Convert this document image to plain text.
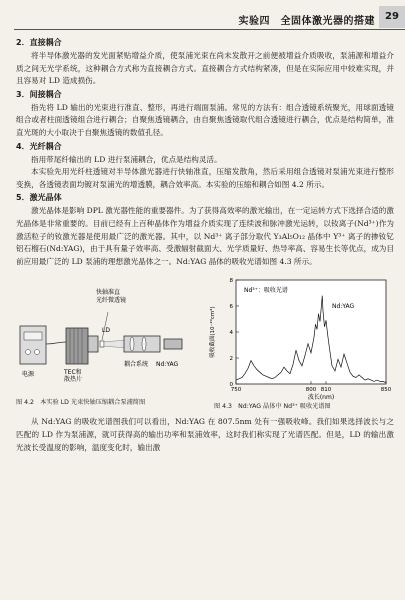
实验四　全固体激光器的搭建	29
2．直接耦合

将半导体激光器的发光面紧贴增益介质，使泵浦光束在尚未发散开之前便被增益介质吸收，泵浦源和增益介质之间无光学系统，这种耦合方式称为直接耦合方式。直接耦合方式结构紧凑，但是在实际应用中较难实现，并且容易对 LD 造成损伤。

3．间接耦合

指先将 LD 输出的光束进行准直、整形，再进行端面泵浦。常见的方法有：组合透镜系统聚光，用球面透镜组合或者柱面透镜组合进行耦合；自聚焦透镜耦合，由自聚焦透镜取代组合透镜进行耦合，优点是结构简单，准直光斑的大小取决于自聚焦透镜的数值孔径。

4．光纤耦合

指用带尾纤输出的 LD 进行泵浦耦合，优点是结构灵活。

本实验先用光纤柱透镜对半导体激光器进行快轴准直，压缩发散角，然后采用组合透镜对泵浦光束进行整形变换，各透镜表面均镀对泵浦光的增透膜，耦合效率高。本实验的压缩和耦合如图 4.2 所示。

5．激光晶体

激光晶体是影响 DPL 激光器性能的重要器件。为了获得高效率的激光输出，在一定运转方式下选择合适的激光晶体是非常重要的。目前已经有上百种晶体作为增益介质实现了连续波和脉冲激光运转，以钕离子(Nd³⁺)作为激活粒子的钕激光器是使用最广泛的激光器。其中，以 Nd³⁺ 离子部分取代 Y₃Al₅O₁₂ 晶体中 Y³⁺ 离子的掺钕钇铝石榴石(Nd:YAG)，由于具有量子效率高、受激辐射截面大、光学质量好、热导率高、容易生长等优点，成为目前应用最广泛的 LD 泵浦的理想激光晶体之一。Nd:YAG 晶体的吸收光谱如图 4.3 所示。

快轴准直
光纤微透镜
LD
电源	TEC和
散热片
耦合系统 Nd:YAG
0
2
4
6
8
750	800 810	850
Nd³⁺：吸收光谱
Nd:YAG
波长(nm)
吸收截面(10⁻²⁰cm²)
图 4.2　本实验 LD 光束快轴压缩耦合泵浦简图
图 4.3　Nd:YAG 晶体中 Nd³⁺ 吸收光谱图

从 Nd:YAG 的吸收光谱图我们可以看出，Nd:YAG 在 807.5nm 处有一强吸收峰。我们如果选择波长与之匹配的 LD 作为泵浦源，就可获得高的输出功率和泵浦效率，这时我们称实现了光谱匹配。但是，LD 的输出激光波长受温度的影响，温度变化时，输出激
